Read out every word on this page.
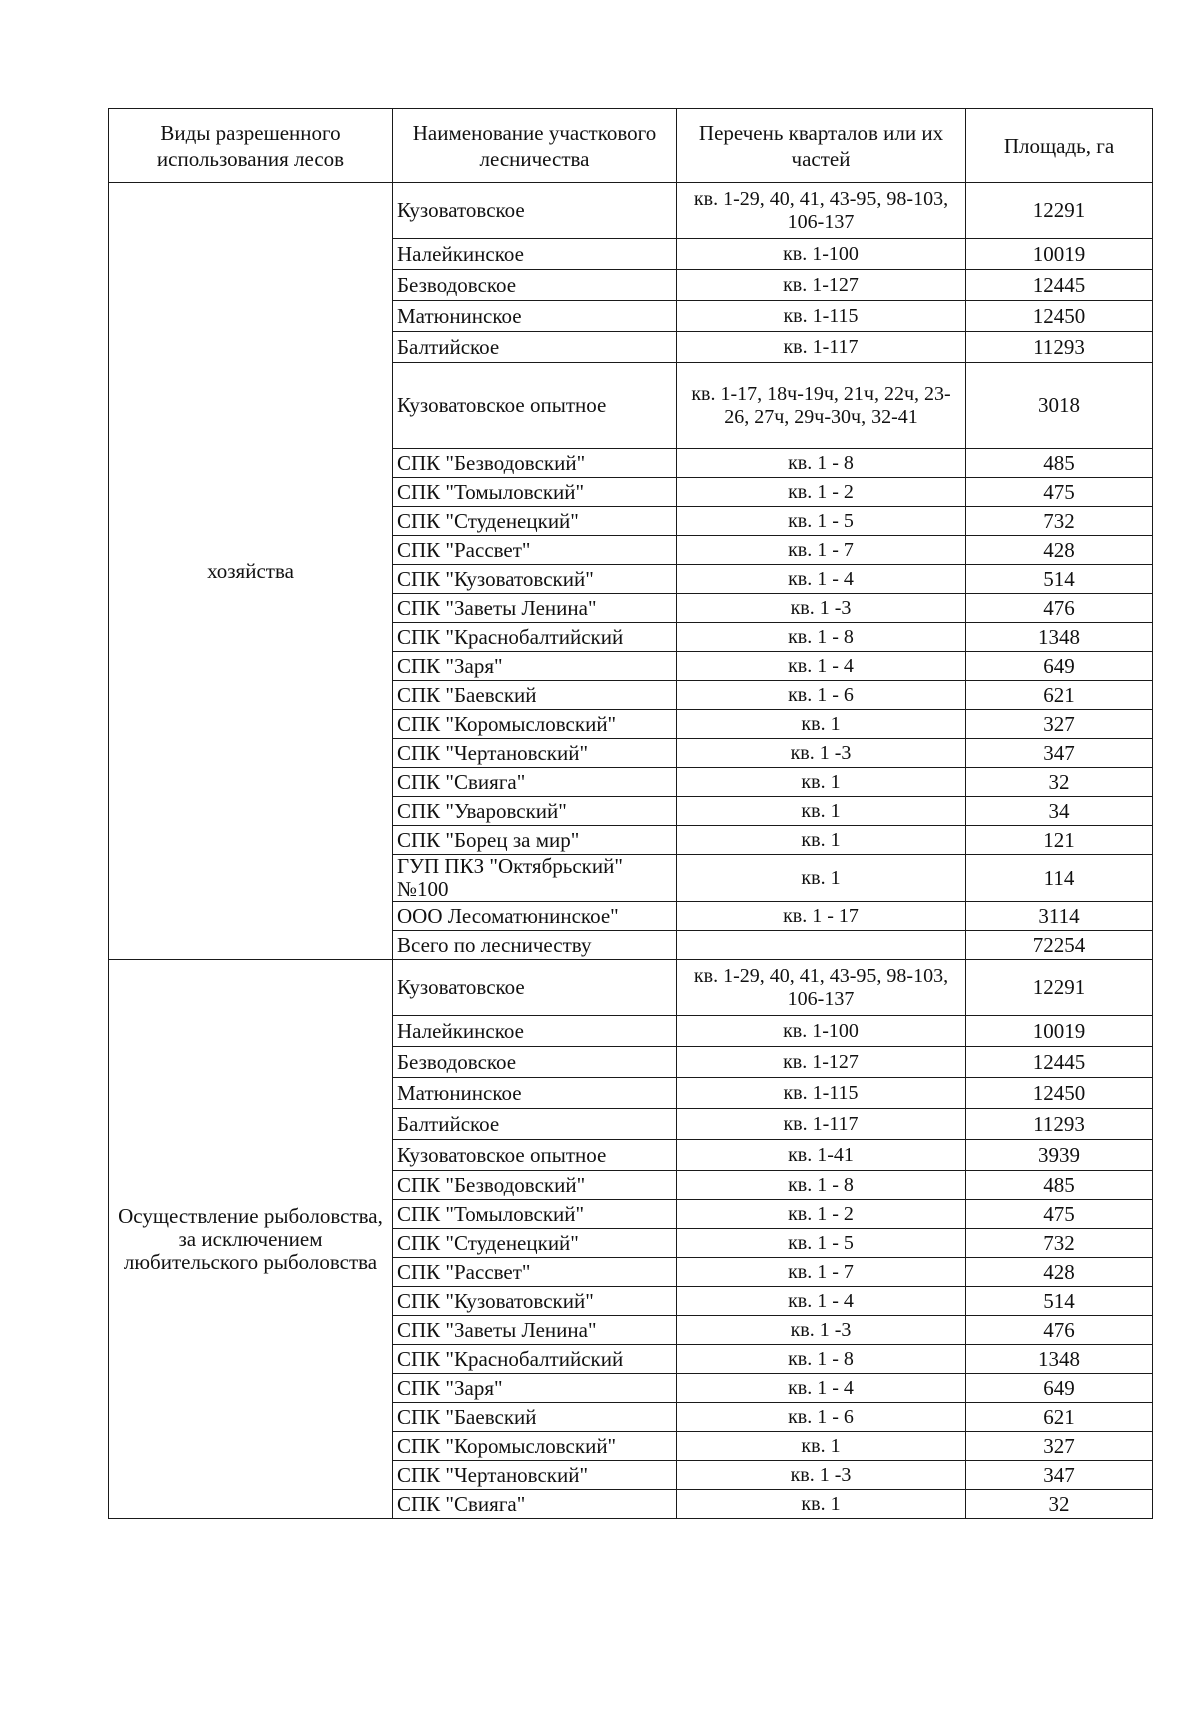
Виды разрешенного использования лесов	Наименование участкового лесничества	Перечень кварталов или их частей	Площадь, га
хозяйства	Кузоватовское	кв. 1-29, 40, 41, 43-95, 98-103, 106-137	12291
	Налейкинское	кв. 1-100	10019
	Безводовское	кв. 1-127	12445
	Матюнинское	кв. 1-115	12450
	Балтийское	кв. 1-117	11293
	Кузоватовское опытное	кв. 1-17, 18ч-19ч, 21ч, 22ч, 23-26, 27ч, 29ч-30ч, 32-41	3018
	СПК "Безводовский"	кв. 1 - 8	485
	СПК "Томыловский"	кв. 1 - 2	475
	СПК "Студенецкий"	кв. 1 - 5	732
	СПК "Рассвет"	кв. 1 - 7	428
	СПК "Кузоватовский"	кв. 1 - 4	514
	СПК "Заветы Ленина"	кв. 1 -3	476
	СПК "Краснобалтийский	кв. 1 - 8	1348
	СПК "Заря"	кв. 1 - 4	649
	СПК "Баевский	кв. 1 - 6	621
	СПК "Коромысловский"	кв. 1	327
	СПК "Чертановский"	кв. 1 -3	347
	СПК "Свияга"	кв. 1	32
	СПК "Уваровский"	кв. 1	34
	СПК "Борец за мир"	кв. 1	121
	ГУП ПКЗ "Октябрьский" №100	кв. 1	114
	ООО Лесоматюнинское"	кв. 1 - 17	3114
	Всего по лесничеству		72254
Осуществление рыболовства, за исключением любительского рыболовства	Кузоватовское	кв. 1-29, 40, 41, 43-95, 98-103, 106-137	12291
	Налейкинское	кв. 1-100	10019
	Безводовское	кв. 1-127	12445
	Матюнинское	кв. 1-115	12450
	Балтийское	кв. 1-117	11293
	Кузоватовское опытное	кв. 1-41	3939
	СПК "Безводовский"	кв. 1 - 8	485
	СПК "Томыловский"	кв. 1 - 2	475
	СПК "Студенецкий"	кв. 1 - 5	732
	СПК "Рассвет"	кв. 1 - 7	428
	СПК "Кузоватовский"	кв. 1 - 4	514
	СПК "Заветы Ленина"	кв. 1 -3	476
	СПК "Краснобалтийский	кв. 1 - 8	1348
	СПК "Заря"	кв. 1 - 4	649
	СПК "Баевский	кв. 1 - 6	621
	СПК "Коромысловский"	кв. 1	327
	СПК "Чертановский"	кв. 1 -3	347
	СПК "Свияга"	кв. 1	32
